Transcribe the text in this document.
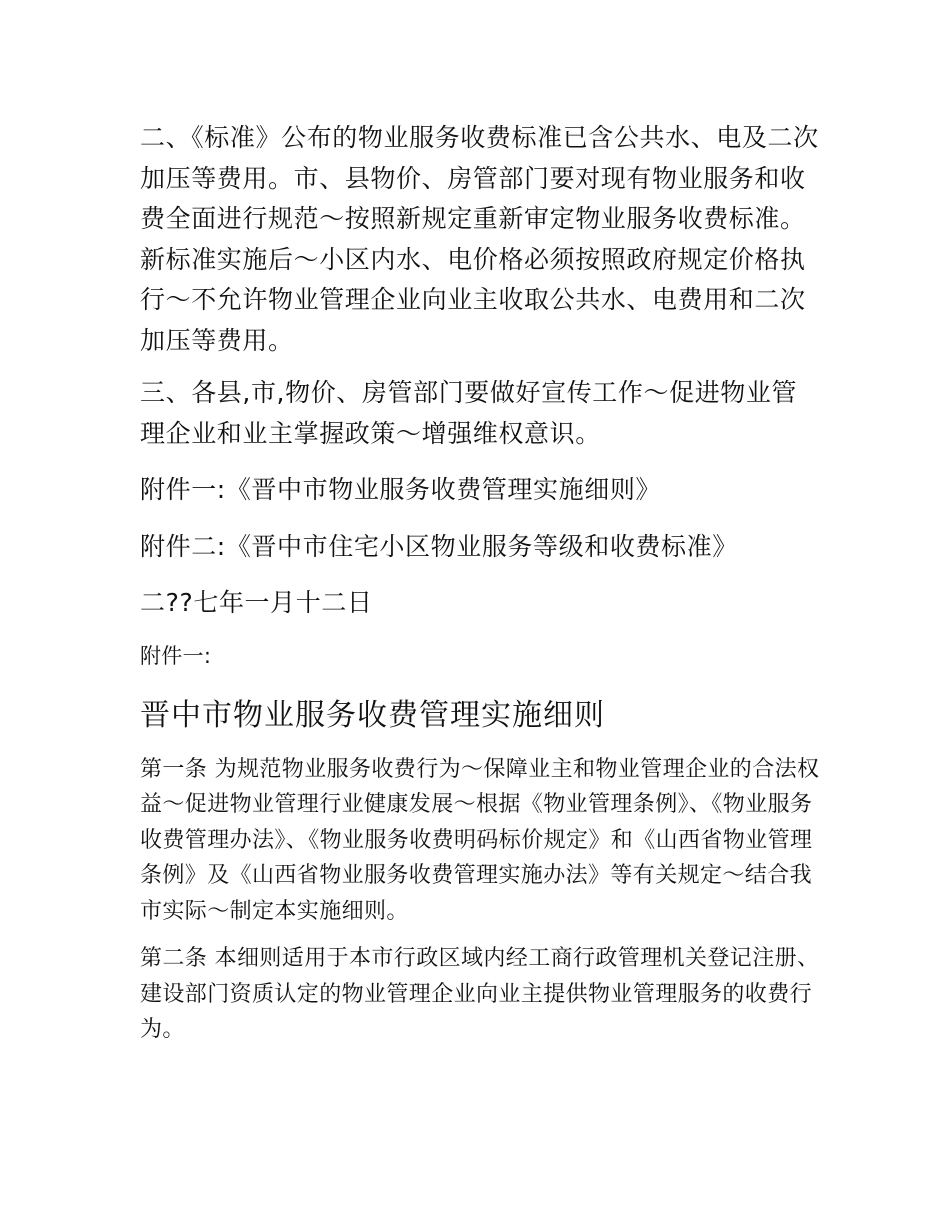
二、《标准》公布的物业服务收费标准已含公共水、电及二次加压等费用。市、县物价、房管部门要对现有物业服务和收费全面进行规范～按照新规定重新审定物业服务收费标准。新标准实施后～小区内水、电价格必须按照政府规定价格执行～不允许物业管理企业向业主收取公共水、电费用和二次加压等费用。

三、各县,市,物价、房管部门要做好宣传工作～促进物业管理企业和业主掌握政策～增强维权意识。

附件一:《晋中市物业服务收费管理实施细则》

附件二:《晋中市住宅小区物业服务等级和收费标准》

二??七年一月十二日

附件一:

晋中市物业服务收费管理实施细则

第一条 为规范物业服务收费行为～保障业主和物业管理企业的合法权益～促进物业管理行业健康发展～根据《物业管理条例》、《物业服务收费管理办法》、《物业服务收费明码标价规定》和《山西省物业管理条例》及《山西省物业服务收费管理实施办法》等有关规定～结合我市实际～制定本实施细则。

第二条 本细则适用于本市行政区域内经工商行政管理机关登记注册、建设部门资质认定的物业管理企业向业主提供物业管理服务的收费行为。
